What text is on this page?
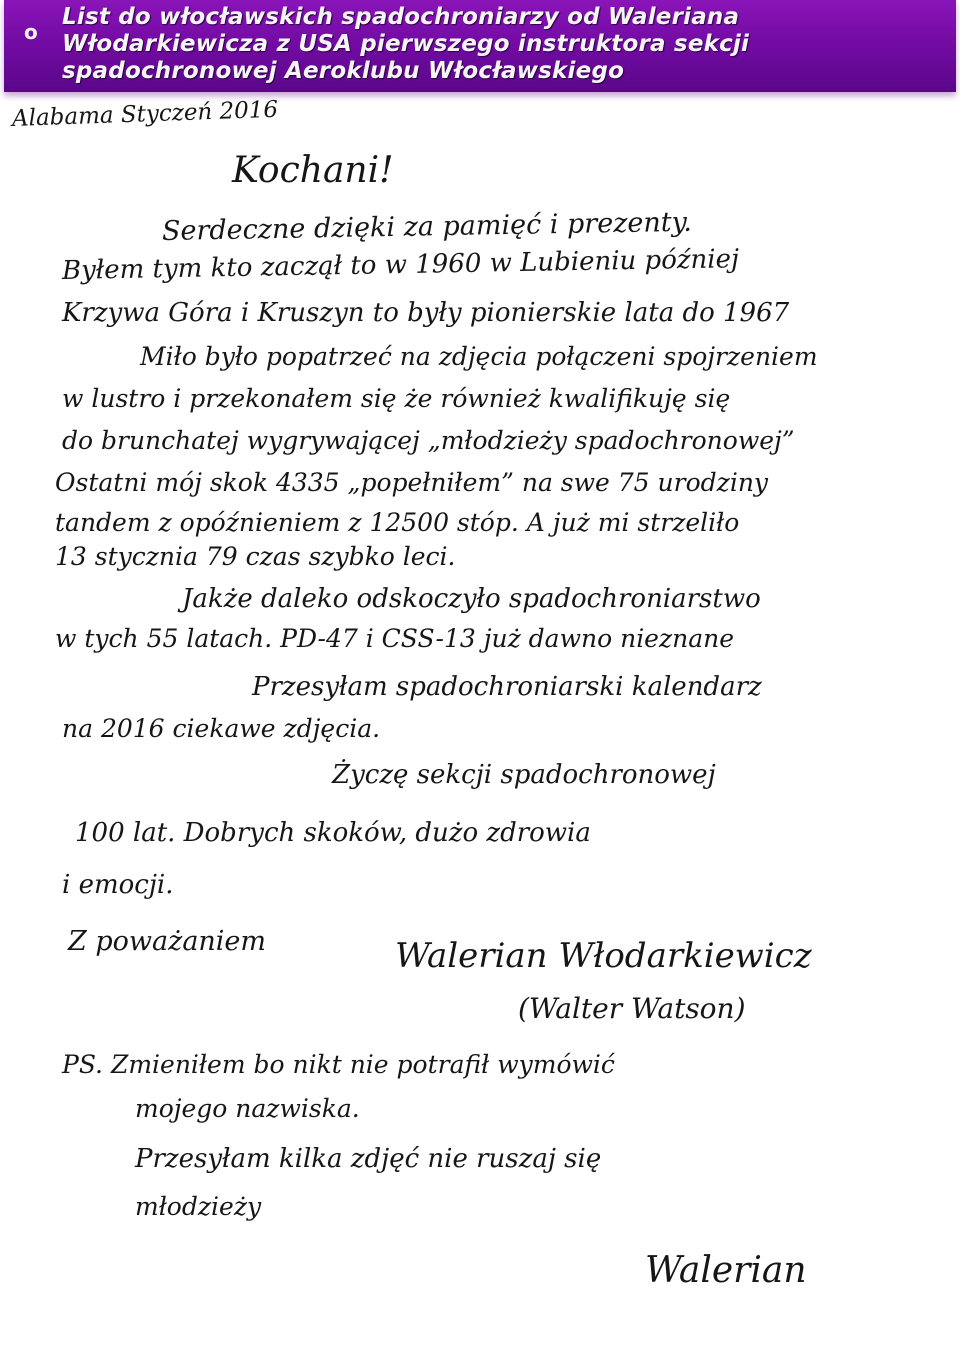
o
List do włocławskich spadochroniarzy od Waleriana
Włodarkiewicza z USA pierwszego instruktora sekcji
spadochronowej Aeroklubu Włocławskiego
Alabama Styczeń 2016
Kochani!
Serdeczne dzięki za pamięć i prezenty.
Byłem tym kto zaczął to w 1960 w Lubieniu później
Krzywa Góra i Kruszyn to były pionierskie lata do 1967
Miło było popatrzeć na zdjęcia połączeni spojrzeniem
w lustro i przekonałem się że również kwalifikuję się
do brunchatej wygrywającej „młodzieży spadochronowej”
Ostatni mój skok 4335 „popełniłem” na swe 75 urodziny
tandem z opóźnieniem z 12500 stóp. A już mi strzeliło
13 stycznia 79 czas szybko leci.
Jakże daleko odskoczyło spadochroniarstwo
w tych 55 latach. PD-47 i CSS-13 już dawno nieznane
Przesyłam spadochroniarski kalendarz
na 2016 ciekawe zdjęcia.
Życzę sekcji spadochronowej
100 lat. Dobrych skoków, dużo zdrowia
i emocji.
Z poważaniem	Walerian Włodarkiewicz
(Walter Watson)
PS. Zmieniłem bo nikt nie potrafił wymówić
mojego nazwiska.
Przesyłam kilka zdjęć nie ruszaj się
młodzieży
Walerian
